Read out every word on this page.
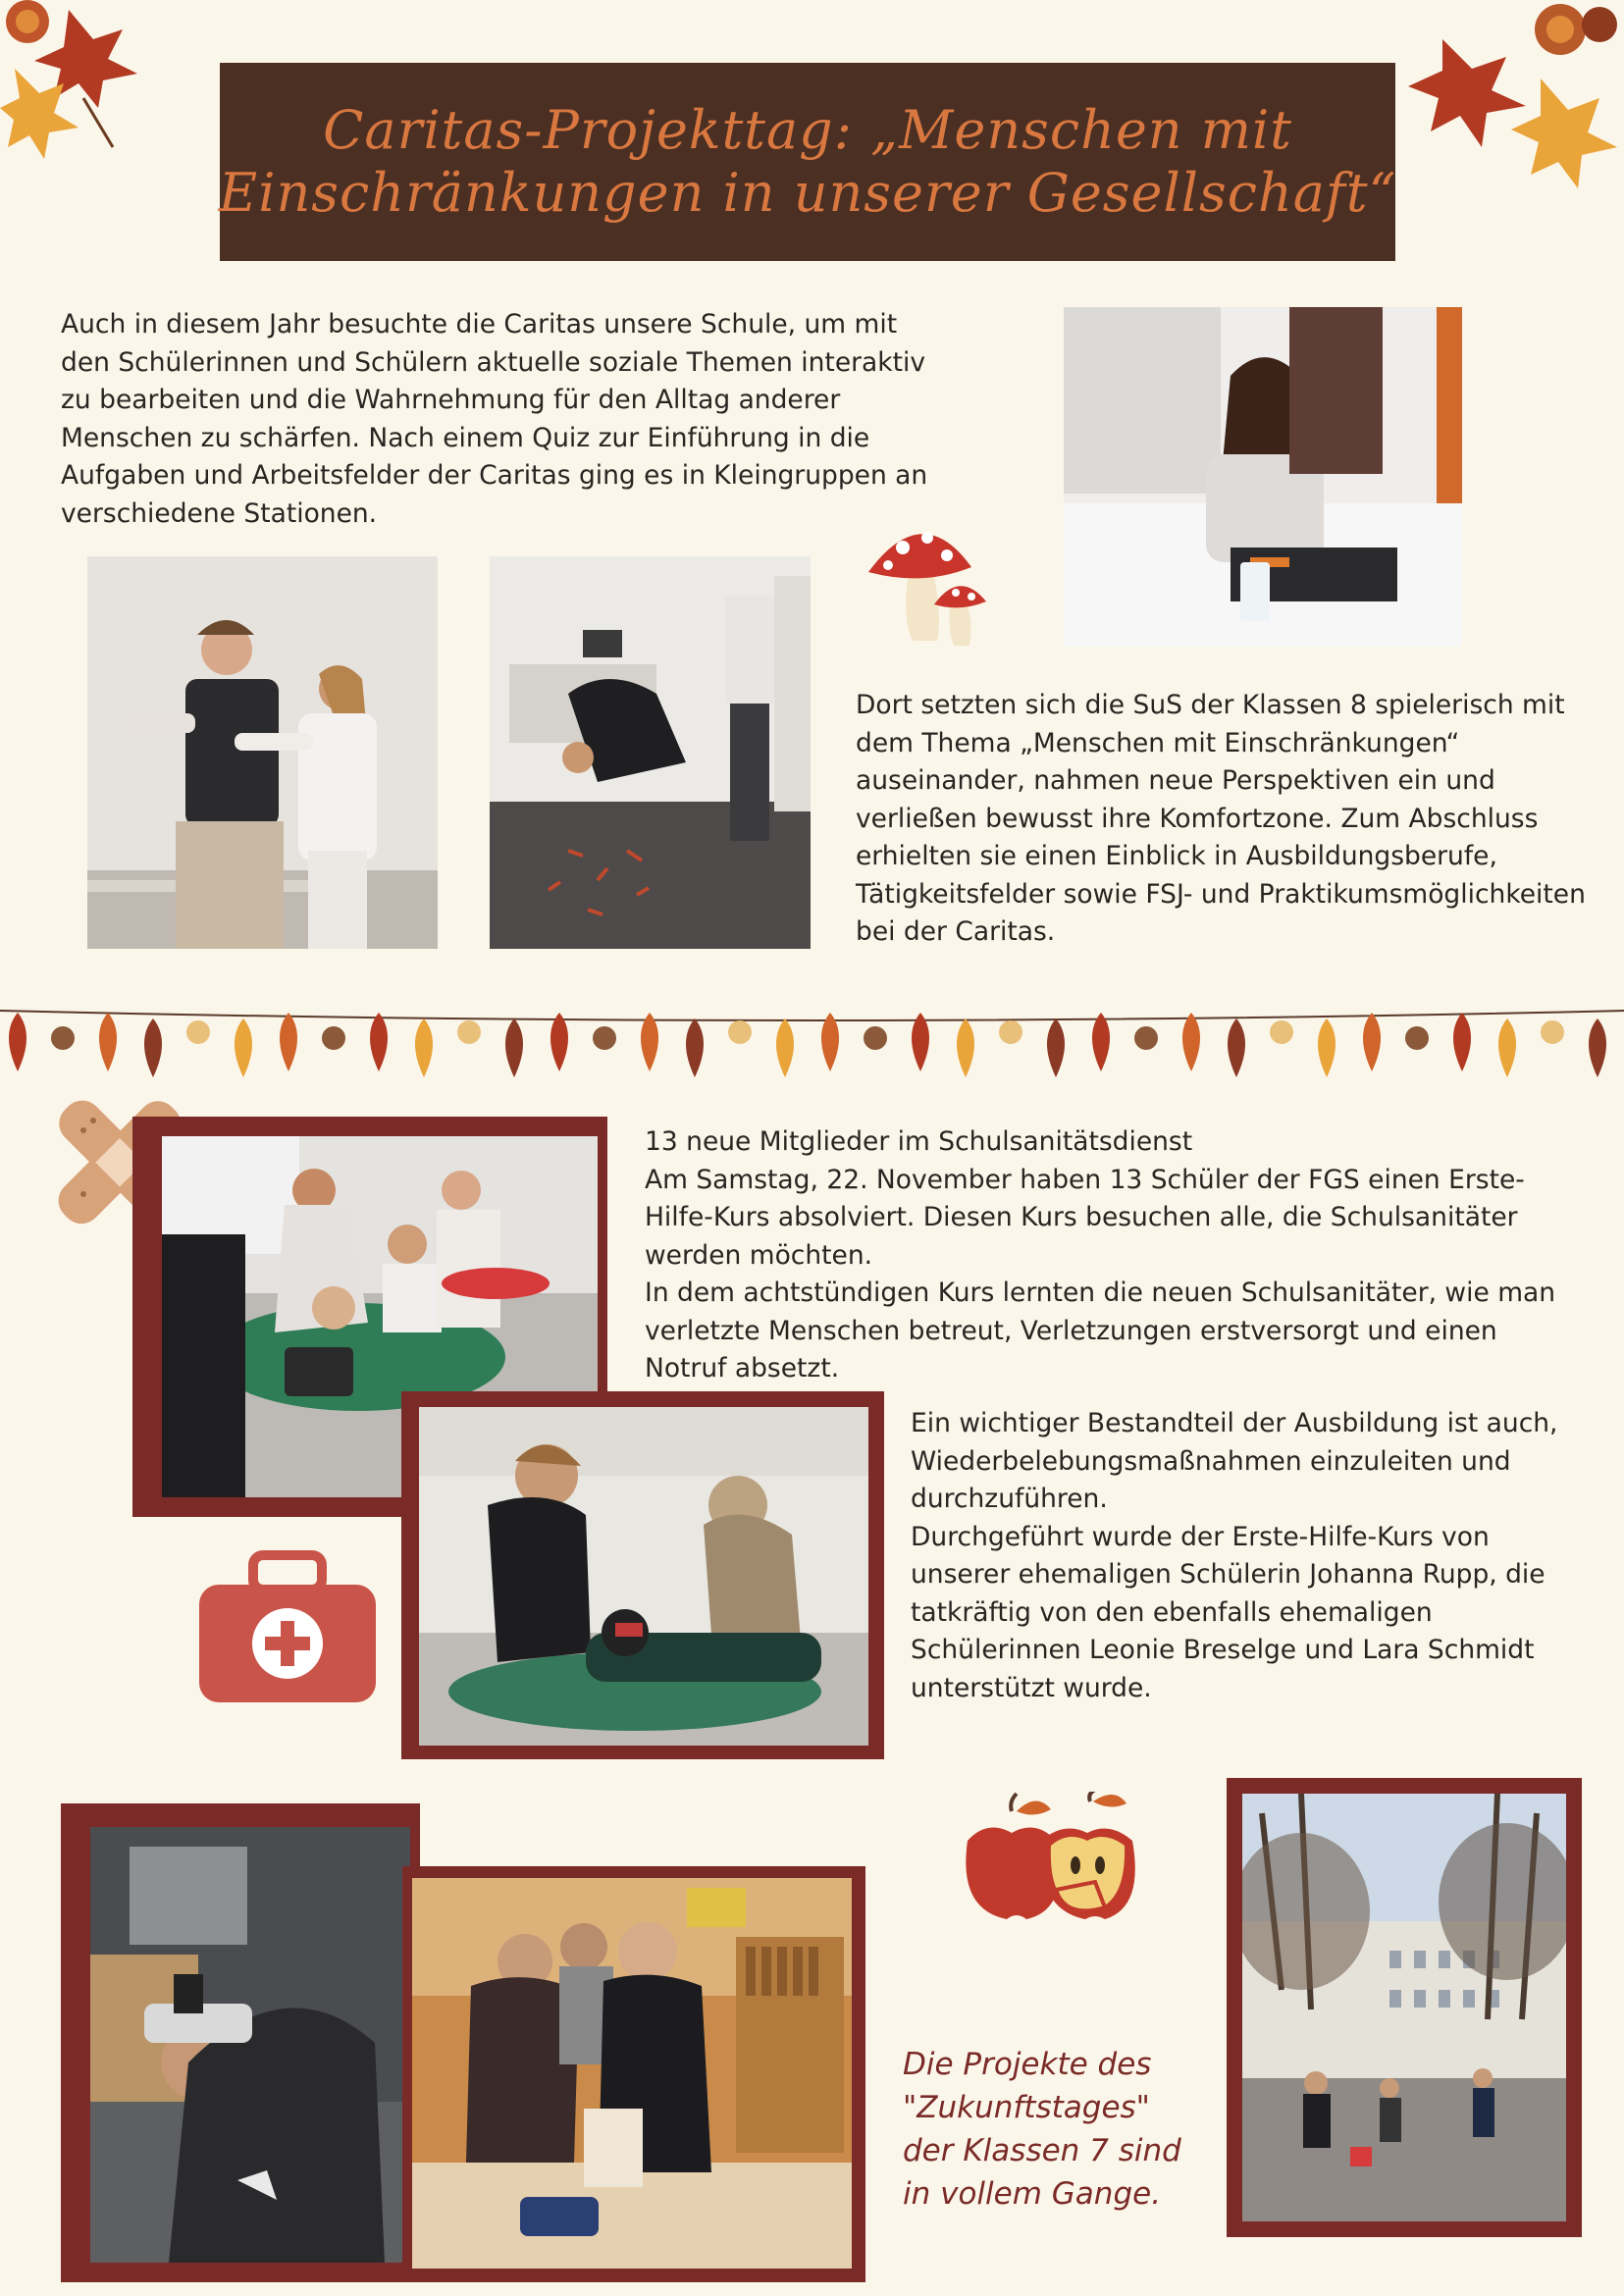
Caritas-Projekttag: „Menschen mit
Einschränkungen in unserer Gesellschaft“
Auch in diesem Jahr besuchte die Caritas unsere Schule, um mit
den Schülerinnen und Schülern aktuelle soziale Themen interaktiv
zu bearbeiten und die Wahrnehmung für den Alltag anderer
Menschen zu schärfen. Nach einem Quiz zur Einführung in die
Aufgaben und Arbeitsfelder der Caritas ging es in Kleingruppen an
verschiedene Stationen.
Dort setzten sich die SuS der Klassen 8 spielerisch mit
dem Thema „Menschen mit Einschränkungen“
auseinander, nahmen neue Perspektiven ein und
verließen bewusst ihre Komfortzone. Zum Abschluss
erhielten sie einen Einblick in Ausbildungsberufe,
Tätigkeitsfelder sowie FSJ- und Praktikumsmöglichkeiten
bei der Caritas.
13 neue Mitglieder im Schulsanitätsdienst
Am Samstag, 22. November haben 13 Schüler der FGS einen Erste-
Hilfe-Kurs absolviert. Diesen Kurs besuchen alle, die Schulsanitäter
werden möchten.
In dem achtstündigen Kurs lernten die neuen Schulsanitäter, wie man
verletzte Menschen betreut, Verletzungen erstversorgt und einen
Notruf absetzt.
Ein wichtiger Bestandteil der Ausbildung ist auch,
Wiederbelebungsmaßnahmen einzuleiten und
durchzuführen.
Durchgeführt wurde der Erste-Hilfe-Kurs von
unserer ehemaligen Schülerin Johanna Rupp, die
tatkräftig von den ebenfalls ehemaligen
Schülerinnen Leonie Breselge und Lara Schmidt
unterstützt wurde.
Die Projekte des
"Zukunftstages"
der Klassen 7 sind
in vollem Gange.
